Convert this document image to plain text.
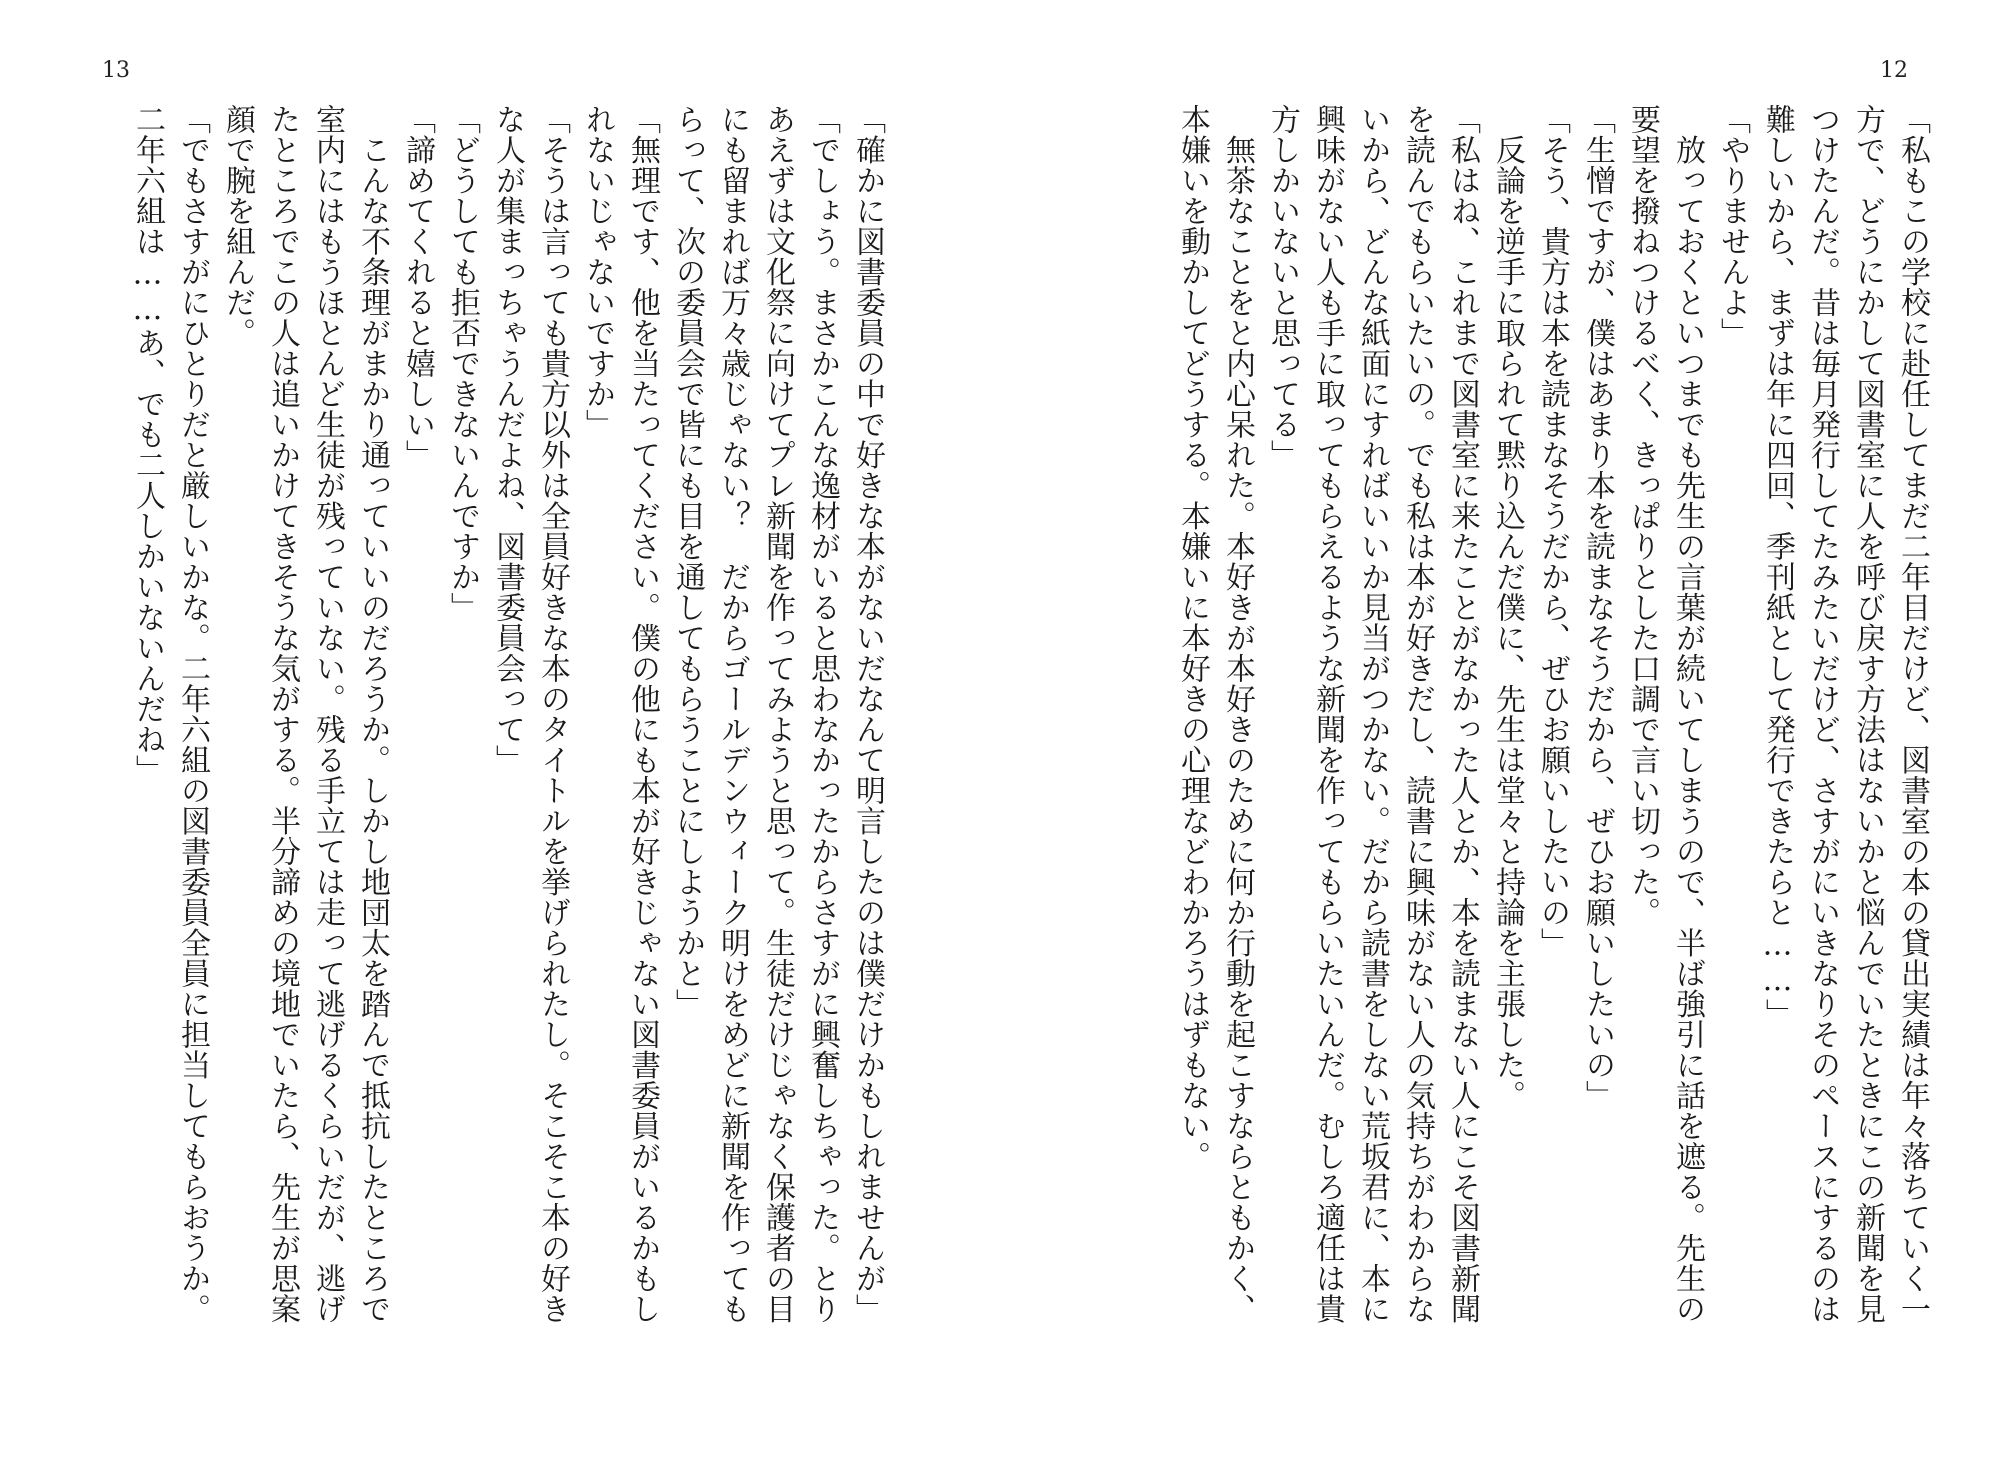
13	12
「私もこの学校に赴任してまだ二年目だけど、図書室の本の貸出実績は年々落ちていく一
方で、どうにかして図書室に人を呼び戻す方法はないかと悩んでいたときにこの新聞を見
つけたんだ。昔は毎月発行してたみたいだけど、さすがにいきなりそのペースにするのは
難しいから、まずは年に四回、季刊紙として発行できたらと……」
「やりませんよ」
　放っておくといつまでも先生の言葉が続いてしまうので、半ば強引に話を遮る。先生の
要望を撥ねつけるべく、きっぱりとした口調で言い切った。
「生憎ですが、僕はあまり本を読まなそうだから、ぜひお願いしたいの」
「そう、貴方は本を読まなそうだから、ぜひお願いしたいの」
　反論を逆手に取られて黙り込んだ僕に、先生は堂々と持論を主張した。
「私はね、これまで図書室に来たことがなかった人とか、本を読まない人にこそ図書新聞
を読んでもらいたいの。でも私は本が好きだし、読書に興味がない人の気持ちがわからな
いから、どんな紙面にすればいいか見当がつかない。だから読書をしない荒坂君に、本に
興味がない人も手に取ってもらえるような新聞を作ってもらいたいんだ。むしろ適任は貴
方しかいないと思ってる」
　無茶なことをと内心呆れた。本好きが本好きのために何か行動を起こすならともかく、
本嫌いを動かしてどうする。本嫌いに本好きの心理などわかろうはずもない。
「確かに図書委員の中で好きな本がないだなんて明言したのは僕だけかもしれませんが」
「でしょう。まさかこんな逸材がいると思わなかったからさすがに興奮しちゃった。とり
あえずは文化祭に向けてプレ新聞を作ってみようと思って。生徒だけじゃなく保護者の目
にも留まれば万々歳じゃない？　だからゴールデンウィーク明けをめどに新聞を作っても
らって、次の委員会で皆にも目を通してもらうことにしようかと」
「無理です、他を当たってください。僕の他にも本が好きじゃない図書委員がいるかもし
れないじゃないですか」
「そうは言っても貴方以外は全員好きな本のタイトルを挙げられたし。そこそこ本の好き
な人が集まっちゃうんだよね、図書委員会って」
「どうしても拒否できないんですか」
「諦めてくれると嬉しい」
　こんな不条理がまかり通っていいのだろうか。しかし地団太を踏んで抵抗したところで
室内にはもうほとんど生徒が残っていない。残る手立ては走って逃げるくらいだが、逃げ
たところでこの人は追いかけてきそうな気がする。半分諦めの境地でいたら、先生が思案
顔で腕を組んだ。
「でもさすがにひとりだと厳しいかな。二年六組の図書委員全員に担当してもらおうか。
二年六組は……あ、でも二人しかいないんだね」
